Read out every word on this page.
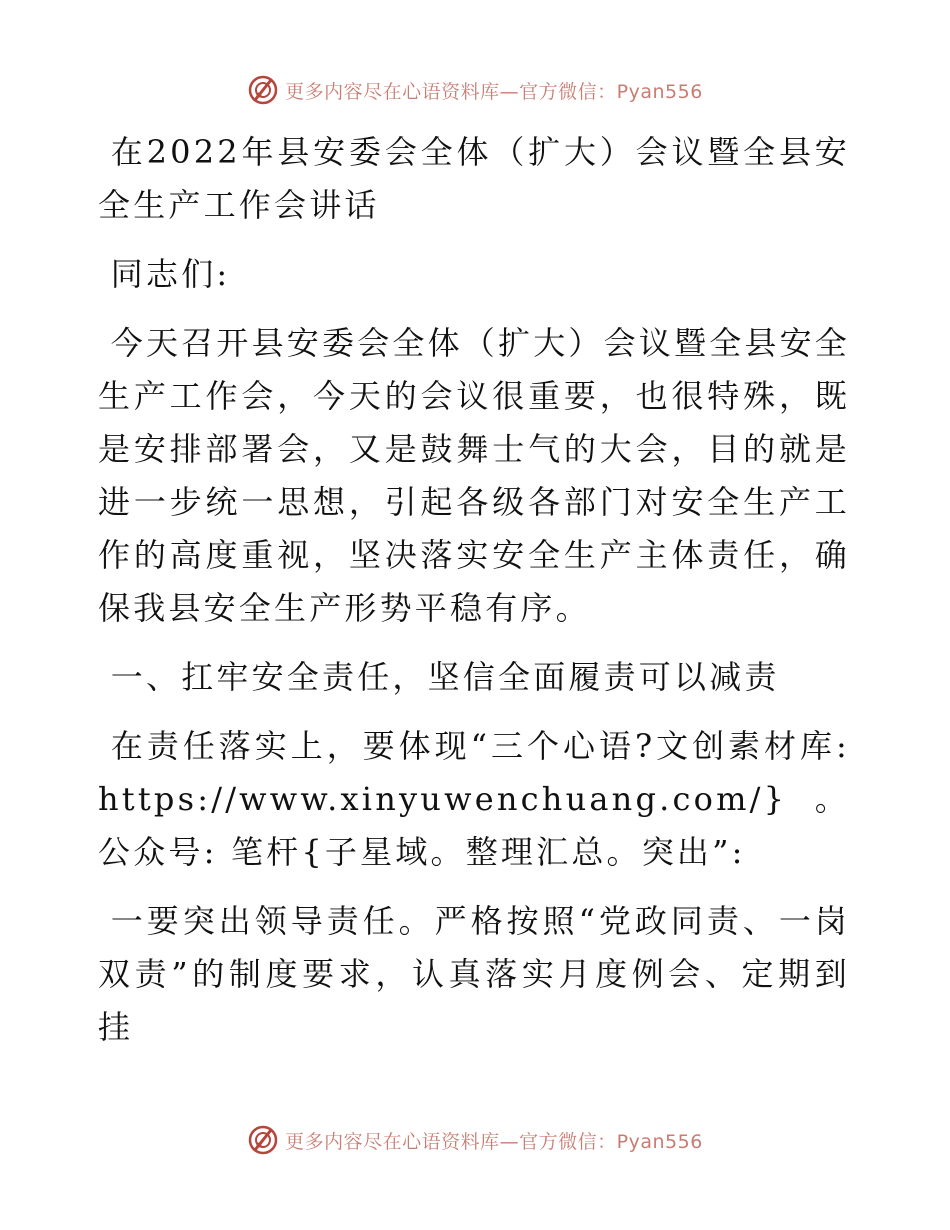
更多内容尽在心语资料库—官方微信：Pyan556

在2022年县安委会全体（扩大）会议暨全县安全生产工作会讲话

同志们:

今天召开县安委会全体（扩大）会议暨全县安全生产工作会，今天的会议很重要，也很特殊，既是安排部署会，又是鼓舞士气的大会，目的就是进一步统一思想，引起各级各部门对安全生产工作的高度重视，坚决落实安全生产主体责任，确保我县安全生产形势平稳有序。

一、扛牢安全责任，坚信全面履责可以减责

在责任落实上，要体现“三个心语?文创素材库:https://www.xinyuwenchuang.com/}。公众号: 笔杆{子星域。整理汇总。突出”:

一要突出领导责任。严格按照“党政同责、一岗双责”的制度要求，认真落实月度例会、定期到挂

更多内容尽在心语资料库—官方微信：Pyan556
